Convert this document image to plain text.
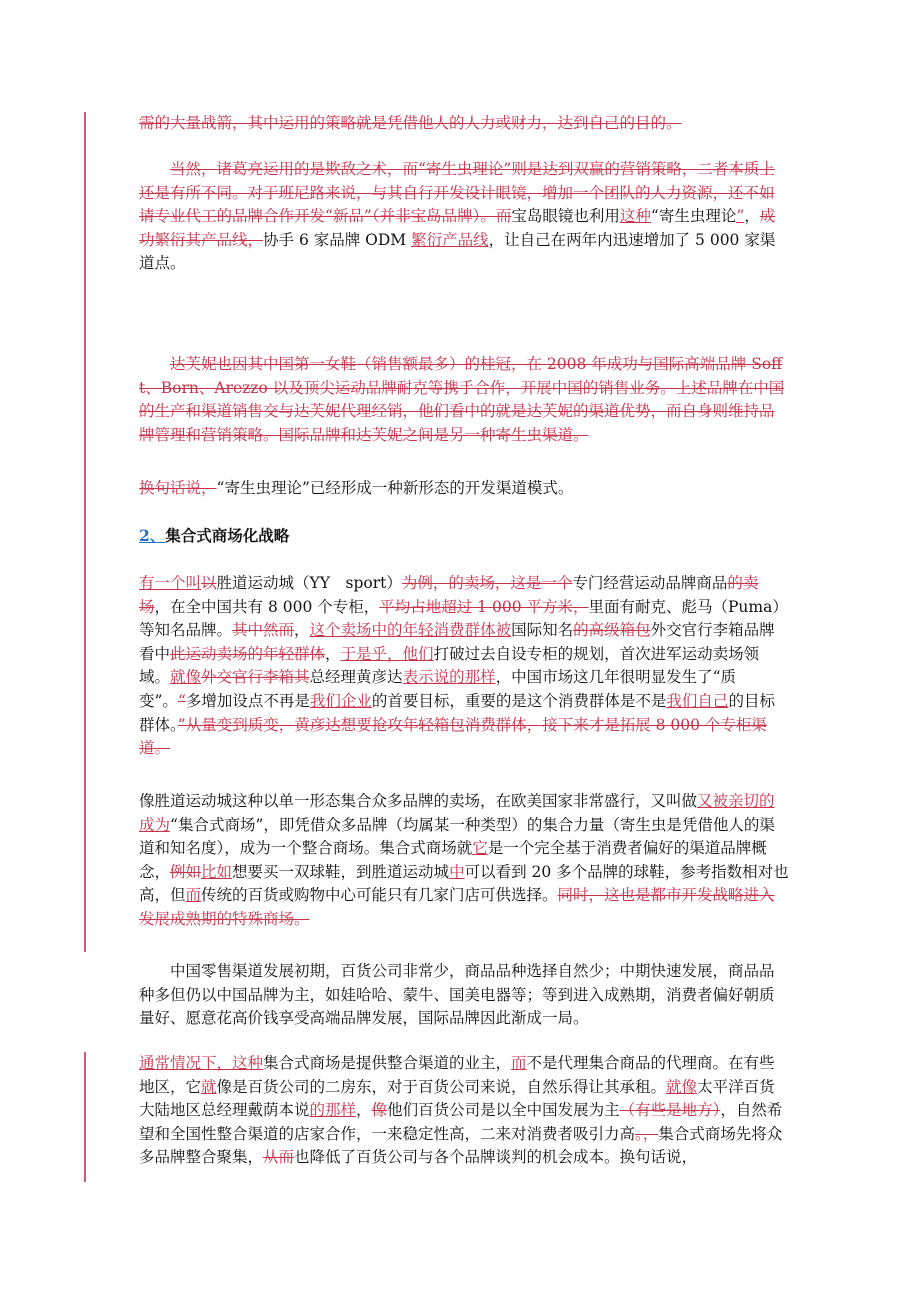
需的大量战箭，其中运用的策略就是凭借他人的人力或财力，达到自己的目的。

当然，诸葛亮运用的是欺敌之术，而“寄生虫理论”则是达到双赢的营销策略，二者本质上还是有所不同。对于班尼路来说，与其自行开发设计眼镜，增加一个团队的人力资源，还不如请专业代工的品牌合作开发“新品”（并非宝岛品牌）。而宝岛眼镜也利用这种“寄生虫理论”，成功繁衍其产品线，协手 6 家品牌 ODM 繁衍产品线，让自己在两年内迅速增加了 5 000 家渠道点。

达芙妮也因其中国第一女鞋（销售额最多）的桂冠，在 2008 年成功与国际高端品牌 Sofft、Born、Arezzo 以及顶尖运动品牌耐克等携手合作，开展中国的销售业务。上述品牌在中国的生产和渠道销售交与达芙妮代理经销，他们看中的就是达芙妮的渠道优势，而自身则维持品牌管理和营销策略。国际品牌和达芙妮之间是另一种寄生虫渠道。

换句话说，“寄生虫理论”已经形成一种新形态的开发渠道模式。

2、集合式商场化战略

有一个叫以胜道运动城（YY　sport）为例，的卖场，这是一个专门经营运动品牌商品的卖场，在全中国共有 8 000 个专柜，平均占地超过 1 000 平方米，里面有耐克、彪马（Puma）等知名品牌。其中然而，这个卖场中的年轻消费群体被国际知名的高级箱包外交官行李箱品牌看中此运动卖场的年轻群体，于是乎，他们打破过去自设专柜的规划，首次进军运动卖场领域。就像外交官行李箱其总经理黄彦达表示说的那样，中国市场这几年很明显发生了“质变”。“多增加设点不再是我们企业的首要目标，重要的是这个消费群体是不是我们自己的目标群体。”从量变到质变，黄彦达想要抢攻年轻箱包消费群体，接下来才是拓展 8 000 个专柜渠道。

像胜道运动城这种以单一形态集合众多品牌的卖场，在欧美国家非常盛行，又叫做又被亲切的成为“集合式商场”，即凭借众多品牌（均属某一种类型）的集合力量（寄生虫是凭借他人的渠道和知名度），成为一个整合商场。集合式商场就它是一个完全基于消费者偏好的渠道品牌概念，例如比如想要买一双球鞋，到胜道运动城中可以看到 20 多个品牌的球鞋，参考指数相对也高，但而传统的百货或购物中心可能只有几家门店可供选择。同时，这也是都市开发战略进入发展成熟期的特殊商场。

中国零售渠道发展初期，百货公司非常少，商品品种选择自然少；中期快速发展，商品品种多但仍以中国品牌为主，如娃哈哈、蒙牛、国美电器等；等到进入成熟期，消费者偏好朝质量好、愿意花高价钱享受高端品牌发展，国际品牌因此渐成一局。

通常情况下，这种集合式商场是提供整合渠道的业主，而不是代理集合商品的代理商。在有些地区，它就像是百货公司的二房东，对于百货公司来说，自然乐得让其承租。就像太平洋百货大陆地区总经理戴荫本说的那样，像他们百货公司是以全中国发展为主（有些是地方），自然希望和全国性整合渠道的店家合作，一来稳定性高，二来对消费者吸引力高。，集合式商场先将众多品牌整合聚集，从而也降低了百货公司与各个品牌谈判的机会成本。换句话说，
